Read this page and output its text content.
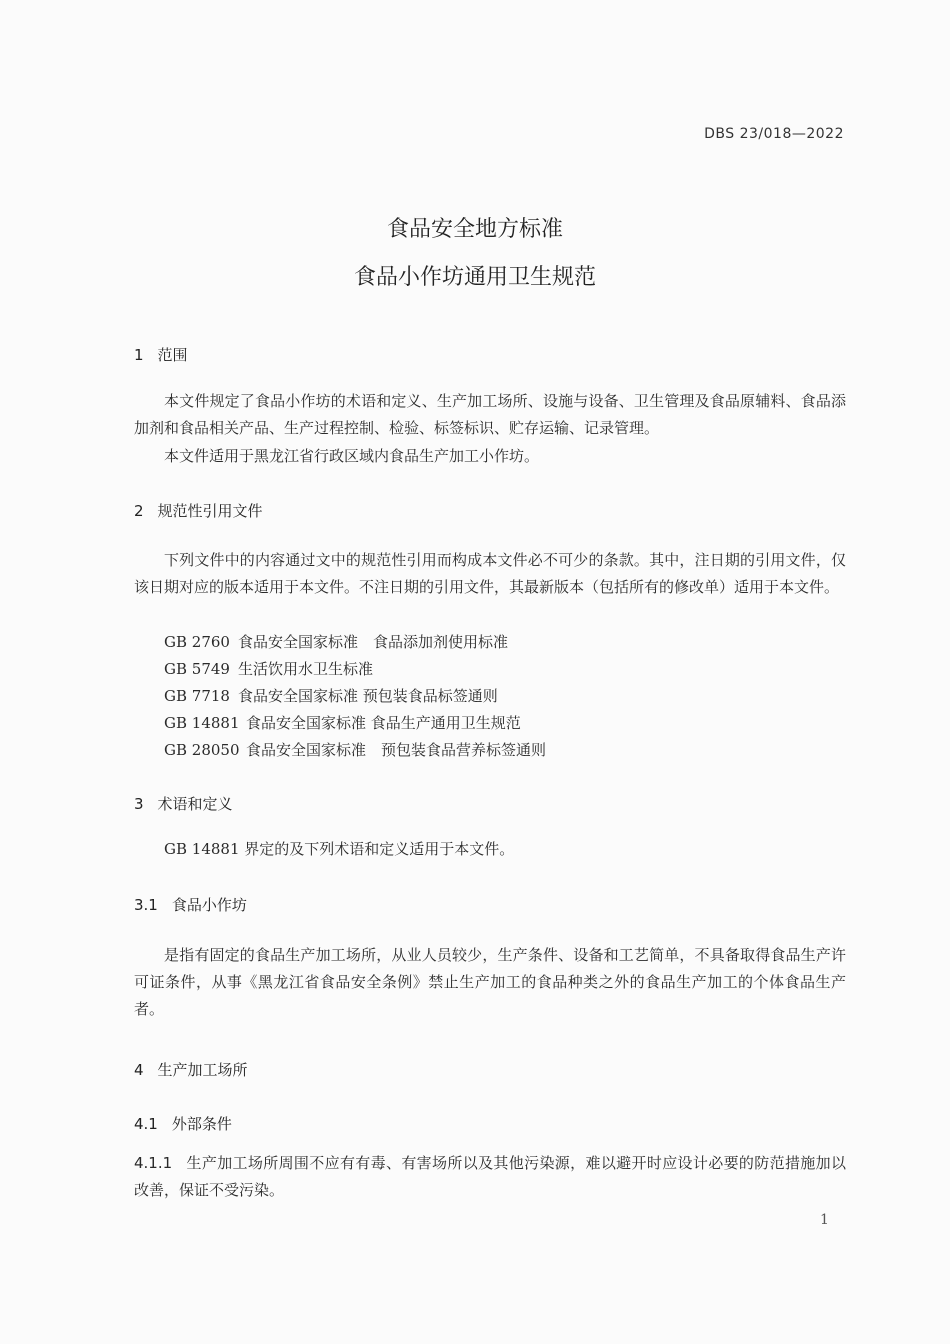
DBS 23/018—2022
食品安全地方标准
食品小作坊通用卫生规范
1 范围

本文件规定了食品小作坊的术语和定义、生产加工场所、设施与设备、卫生管理及食品原辅料、食品添加剂和食品相关产品、生产过程控制、检验、标签标识、贮存运输、记录管理。

本文件适用于黑龙江省行政区域内食品生产加工小作坊。

2 规范性引用文件

下列文件中的内容通过文中的规范性引用而构成本文件必不可少的条款。其中，注日期的引用文件，仅该日期对应的版本适用于本文件。不注日期的引用文件，其最新版本（包括所有的修改单）适用于本文件。

GB 2760 食品安全国家标准　食品添加剂使用标准
GB 5749 生活饮用水卫生标准
GB 7718 食品安全国家标准 预包装食品标签通则
GB 14881 食品安全国家标准 食品生产通用卫生规范
GB 28050 食品安全国家标准　预包装食品营养标签通则
3 术语和定义

GB 14881 界定的及下列术语和定义适用于本文件。

3.1 食品小作坊

是指有固定的食品生产加工场所，从业人员较少，生产条件、设备和工艺简单，不具备取得食品生产许可证条件，从事《黑龙江省食品安全条例》禁止生产加工的食品种类之外的食品生产加工的个体食品生产者。

4 生产加工场所
4.1 外部条件

4.1.1 生产加工场所周围不应有有毒、有害场所以及其他污染源，难以避开时应设计必要的防范措施加以改善，保证不受污染。

1
